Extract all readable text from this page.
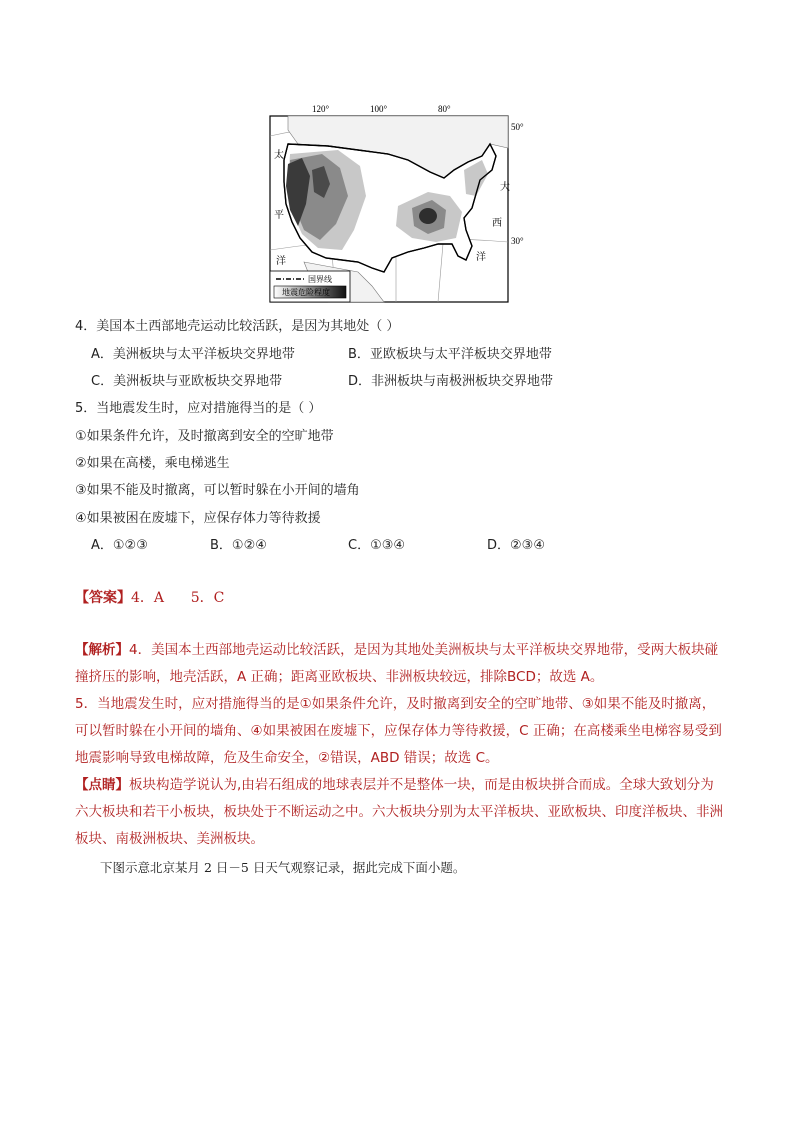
100°
120°	80°
50°
30°
太
平
洋
大
西
洋
国界线
地震危险程度
4．美国本土西部地壳运动比较活跃，是因为其地处（ ）
A．美洲板块与太平洋板块交界地带	B．亚欧板块与太平洋板块交界地带
C．美洲板块与亚欧板块交界地带	D．非洲板块与南极洲板块交界地带
5．当地震发生时，应对措施得当的是（ ）
①如果条件允许，及时撤离到安全的空旷地带
②如果在高楼，乘电梯逃生
③如果不能及时撤离，可以暂时躲在小开间的墙角
④如果被困在废墟下，应保存体力等待救援
A．①②③	B．①②④	C．①③④	D．②③④
【答案】4．A      5．C

【解析】4．美国本土西部地壳运动比较活跃，是因为其地处美洲板块与太平洋板块交界地带，受两大板块碰撞挤压的影响，地壳活跃，A 正确；距离亚欧板块、非洲板块较远，排除BCD；故选 A。

5．当地震发生时，应对措施得当的是①如果条件允许，及时撤离到安全的空旷地带、③如果不能及时撤离，可以暂时躲在小开间的墙角、④如果被困在废墟下，应保存体力等待救援，C 正确；在高楼乘坐电梯容易受到地震影响导致电梯故障，危及生命安全，②错误，ABD 错误；故选 C。

【点睛】板块构造学说认为,由岩石组成的地球表层并不是整体一块，而是由板块拼合而成。全球大致划分为六大板块和若干小板块，板块处于不断运动之中。六大板块分别为太平洋板块、亚欧板块、印度洋板块、非洲板块、南极洲板块、美洲板块。

下图示意北京某月 2 日－5 日天气观察记录，据此完成下面小题。
